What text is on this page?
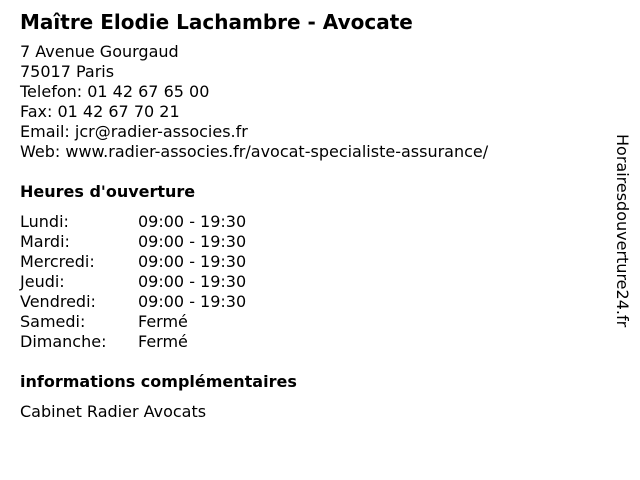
Maître Elodie Lachambre - Avocate
7 Avenue Gourgaud
75017 Paris
Telefon: 01 42 67 65 00
Fax: 01 42 67 70 21
Email: jcr@radier-associes.fr
Web: www.radier-associes.fr/avocat-specialiste-assurance/
Heures d'ouverture
Lundi:	09:00 - 19:30
Mardi:	09:00 - 19:30
Mercredi:	09:00 - 19:30
Jeudi:	09:00 - 19:30
Vendredi:	09:00 - 19:30
Samedi:	Fermé
Dimanche:	Fermé
informations complémentaires
Cabinet Radier Avocats
Horairesdouverture24.fr
